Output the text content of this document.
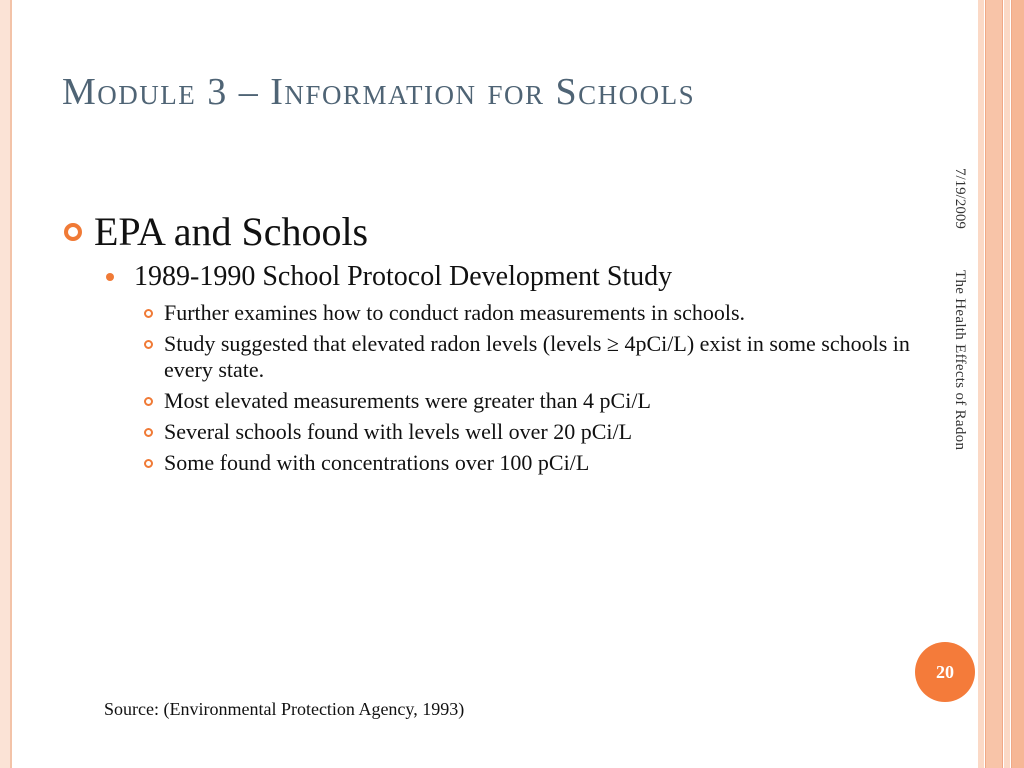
Module 3 – Information for Schools
EPA and Schools
1989-1990 School Protocol Development Study
Further examines how to conduct radon measurements in schools.
Study suggested that elevated radon levels (levels ≥ 4pCi/L) exist in some schools in every state.
Most elevated measurements were greater than 4 pCi/L
Several schools found with levels well over 20 pCi/L
Some found with concentrations over 100 pCi/L
7/19/2009
The Health Effects of Radon
20
Source: (Environmental Protection Agency, 1993)
